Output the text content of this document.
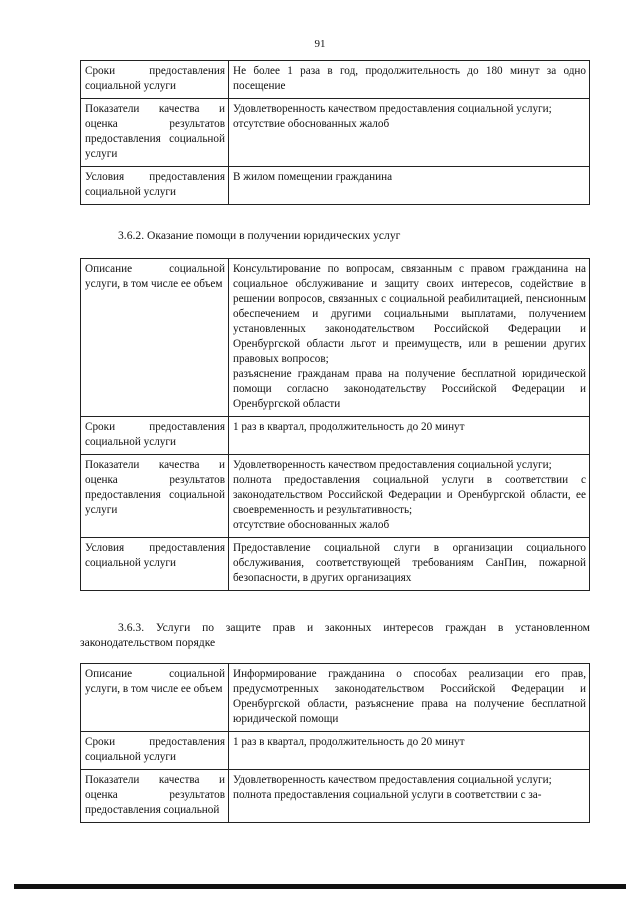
91
Сроки предоставления социальной услуги	Не более 1 раза в год, продолжительность до 180 минут за одно посещение

Показатели качества и оценка результатов предоставления социальной услуги	Удовлетворенность качеством предоставления социальной услуги;
отсутствие обоснованных жалоб

Условия предоставления социальной услуги	В жилом помещении гражданина
3.6.2. Оказание помощи в получении юридических услуг
Описание социальной услуги, в том числе ее объем	Консультирование по вопросам, связанным с правом гражданина на социальное обслуживание и защиту своих интересов, содействие в решении вопросов, связанных с социальной реабилитацией, пенсионным обеспечением и другими социальными выплатами, получением установленных законодательством Российской Федерации и Оренбургской области льгот и преимуществ, или в решении других правовых вопросов;
разъяснение гражданам права на получение бесплатной юридической помощи согласно законодательству Российской Федерации и Оренбургской области

Сроки предоставления социальной услуги	1 раз в квартал, продолжительность до 20 минут

Показатели качества и оценка результатов предоставления социальной услуги	Удовлетворенность качеством предоставления социальной услуги;
полнота предоставления социальной услуги в соответствии с законодательством Российской Федерации и Оренбургской области, ее своевременность и результативность;
отсутствие обоснованных жалоб

Условия предоставления социальной услуги	Предоставление социальной слуги в организации социального обслуживания, соответствующей требованиям СанПин, пожарной безопасности, в других организациях
3.6.3. Услуги по защите прав и законных интересов граждан в установленном законодательством порядке
Описание социальной услуги, в том числе ее объем	Информирование гражданина о способах реализации его прав, предусмотренных законодательством Российской Федерации и Оренбургской области, разъяснение права на получение бесплатной юридической помощи

Сроки предоставления социальной услуги	1 раз в квартал, продолжительность до 20 минут

Показатели качества и оценка результатов предоставления социальной	Удовлетворенность качеством предоставления социальной услуги;
полнота предоставления социальной услуги в соответствии с за-
